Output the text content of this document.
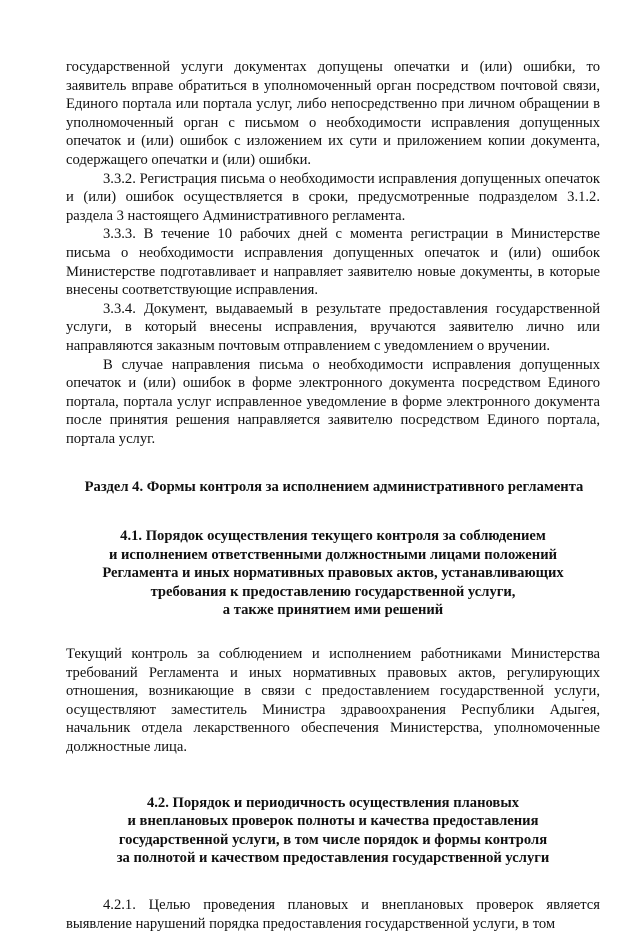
государственной услуги документах допущены опечатки и (или) ошибки, то заявитель вправе обратиться в уполномоченный орган посредством почтовой связи, Единого портала или портала услуг, либо непосредственно при личном обращении в уполномоченный орган с письмом о необходимости исправления допущенных опечаток и (или) ошибок с изложением их сути и приложением копии документа, содержащего опечатки и (или) ошибки.

3.3.2. Регистрация письма о необходимости исправления допущенных опечаток и (или) ошибок осуществляется в сроки, предусмотренные подразделом 3.1.2. раздела 3 настоящего Административного регламента.

3.3.3. В течение 10 рабочих дней с момента регистрации в Министерстве письма о необходимости исправления допущенных опечаток и (или) ошибок Министерстве подготавливает и направляет заявителю новые документы, в которые внесены соответствующие исправления.

3.3.4. Документ, выдаваемый в результате предоставления государственной услуги, в который внесены исправления, вручаются заявителю лично или направляются заказным почтовым отправлением с уведомлением о вручении.

В случае направления письма о необходимости исправления допущенных опечаток и (или) ошибок в форме электронного документа посредством Единого портала, портала услуг исправленное уведомление в форме электронного документа после принятия решения направляется заявителю посредством Единого портала, портала услуг.

Раздел 4. Формы контроля за исполнением административного регламента

4.1. Порядок осуществления текущего контроля за соблюдением

и исполнением ответственными должностными лицами положений

Регламента и иных нормативных правовых актов, устанавливающих

требования к предоставлению государственной услуги,

а также принятием ими решений

Текущий контроль за соблюдением и исполнением работниками Министерства требований Регламента и иных нормативных правовых актов, регулирующих отношения, возникающие в связи с предоставлением государственной услуги, осуществляют заместитель Министра здравоохранения Республики Адыгея, начальник отдела лекарственного обеспечения Министерства, уполномоченные должностные лица.

4.2. Порядок и периодичность осуществления плановых

и внеплановых проверок полноты и качества предоставления

государственной услуги, в том числе порядок и формы контроля

за полнотой и качеством предоставления государственной услуги

4.2.1. Целью проведения плановых и внеплановых проверок является выявление нарушений порядка предоставления государственной услуги, в том
